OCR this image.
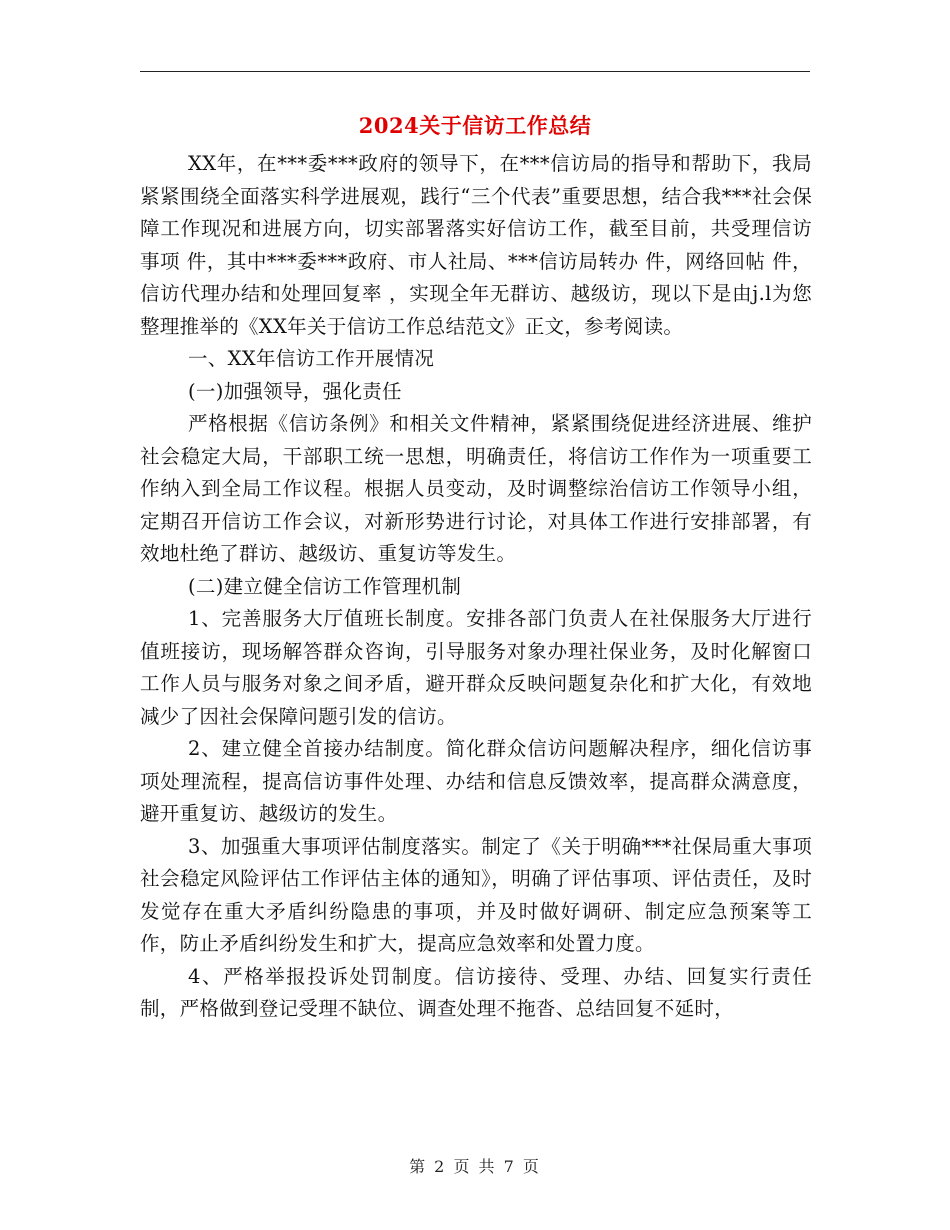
2024关于信访工作总结

XX年，在***委***政府的领导下，在***信访局的指导和帮助下，我局紧紧围绕全面落实科学进展观，践行“三个代表”重要思想，结合我***社会保障工作现况和进展方向，切实部署落实好信访工作，截至目前，共受理信访事项 件，其中***委***政府、市人社局、***信访局转办 件，网络回帖 件，信访代理办结和处理回复率 ，实现全年无群访、越级访，现以下是由j.l为您整理推举的《XX年关于信访工作总结范文》正文，参考阅读。

一、XX年信访工作开展情况

(一)加强领导，强化责任

严格根据《信访条例》和相关文件精神，紧紧围绕促进经济进展、维护社会稳定大局，干部职工统一思想，明确责任，将信访工作作为一项重要工作纳入到全局工作议程。根据人员变动，及时调整综治信访工作领导小组，定期召开信访工作会议，对新形势进行讨论，对具体工作进行安排部署，有效地杜绝了群访、越级访、重复访等发生。

(二)建立健全信访工作管理机制

1、完善服务大厅值班长制度。安排各部门负责人在社保服务大厅进行值班接访，现场解答群众咨询，引导服务对象办理社保业务，及时化解窗口工作人员与服务对象之间矛盾，避开群众反映问题复杂化和扩大化，有效地减少了因社会保障问题引发的信访。

2、建立健全首接办结制度。简化群众信访问题解决程序，细化信访事项处理流程，提高信访事件处理、办结和信息反馈效率，提高群众满意度，避开重复访、越级访的发生。

3、加强重大事项评估制度落实。制定了《关于明确***社保局重大事项社会稳定风险评估工作评估主体的通知》，明确了评估事项、评估责任，及时发觉存在重大矛盾纠纷隐患的事项，并及时做好调研、制定应急预案等工作，防止矛盾纠纷发生和扩大，提高应急效率和处置力度。

4、严格举报投诉处罚制度。信访接待、受理、办结、回复实行责任制，严格做到登记受理不缺位、调查处理不拖沓、总结回复不延时，

第 2 页 共 7 页
